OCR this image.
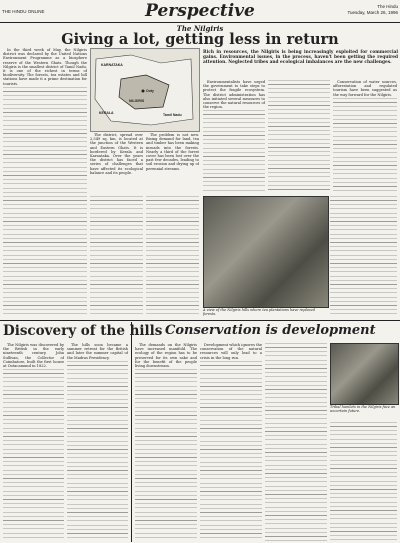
THE HINDU ONLINE	Perspective	The Hindu
Tuesday, March 26, 1996
The Nilgiris
Giving a lot, getting less in return

In the third week of May, the Nilgiris district was declared by the United Nations Environment Programme as a biosphere reserve of the Western Ghats. Though the Nilgiris is the smallest district of Tamil Nadu, it is one of the richest in terms of biodiversity. The forests, tea estates and hill stations have made it a prime destination for tourists.

KARNATAKA
KERALA	Tamil Nadu
Ooty
NILGIRIS
Rich in resources, the Nilgiris is being increasingly exploited for commercial gains. Environmental issues, in the process, haven't been getting the required attention. Neglected tribes and ecological imbalances are the new challenges.

The district, spread over 2,549 sq. km, is located at the junction of the Western and Eastern Ghats. It is bordered by Kerala and Karnataka. Over the years the district has faced a series of challenges that have affected its ecological balance and its people.

The problem is not new. Rising demand for land, tea and timber has been making inroads into the forests. Nearly a third of the forest cover has been lost over the past few decades, leading to soil erosion and drying up of perennial streams.

Environmentalists have urged the government to take steps to protect the fragile ecosystem. The district administration has also initiated several measures to conserve the natural resources of the region.

Conservation of water sources, afforestation and regulated tourism have been suggested as the way forward for the Nilgiris.

A view of the Nilgiris hills where tea plantations have replaced forests.
Discovery of the hills

The Nilgiris was discovered by the British in the early nineteenth century. John Sullivan, the Collector of Coimbatore, built the first house at Ootacamund in 1822.

The hills soon became a summer retreat for the British and later the summer capital of the Madras Presidency.

Conservation is development

The demands on the Nilgiris have increased manifold. The ecology of the region has to be preserved for its own sake and for the benefit of the people living downstream.

Development which ignores the conservation of the natural resources will only lead to a crisis in the long run.

Tribal hamlets in the Nilgiris face an uncertain future.
